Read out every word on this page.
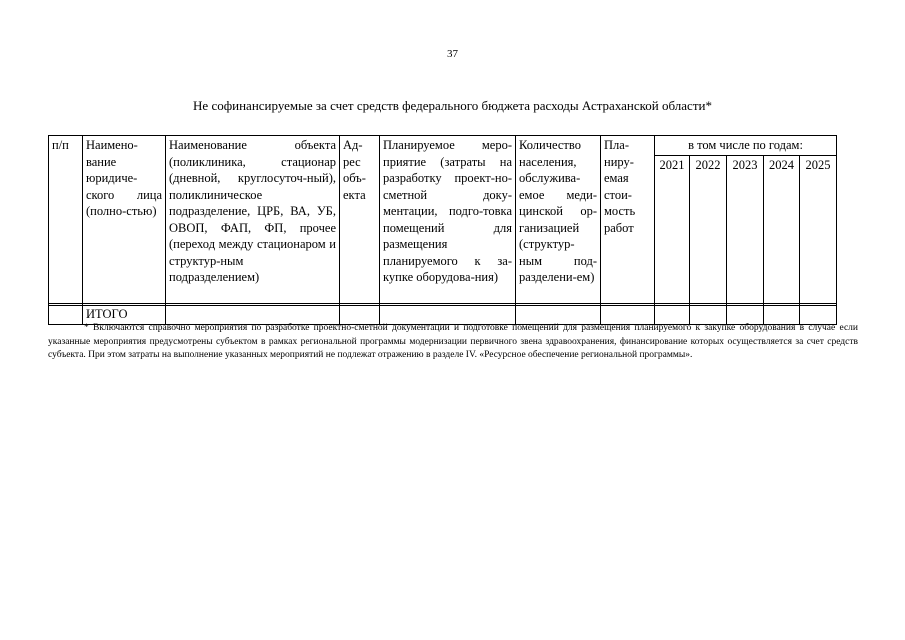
37
Не софинансируемые за счет средств федерального бюджета расходы Астраханской области*
п/п	Наимено-вание юридиче-ского лица (полно-стью)	Наименование объекта (поликлиника, стационар (дневной, круглосуточ-ный), поликлиническое подразделение, ЦРБ, ВА, УБ, ОВОП, ФАП, ФП, прочее (переход между стационаром и структур-ным подразделением)	Ад-рес объ-екта	Планируемое меро-приятие (затраты на разработку проект-но-сметной доку-ментации, подго-товка помещений для размещения планируемого к за-купке оборудова-ния)	Количество населения, обслужива-емое меди-цинской ор-ганизацией (структур-ным под-разделени-ем)	Пла-ниру-емая стои-мость работ	в том числе по годам:				
							2021	2022	2023	2024	2025

	ИТОГО										
* Включаются справочно мероприятия по разработке проектно-сметной документации и подготовке помещений для размещения планируемого к закупке оборудования в случае если указанные мероприятия предусмотрены субъектом в рамках региональной программы модернизации первичного звена здравоохранения, финансирование которых осуществляется за счет средств субъекта. При этом затраты на выполнение указанных мероприятий не подлежат отражению в разделе IV. «Ресурсное обеспечение региональной программы».
